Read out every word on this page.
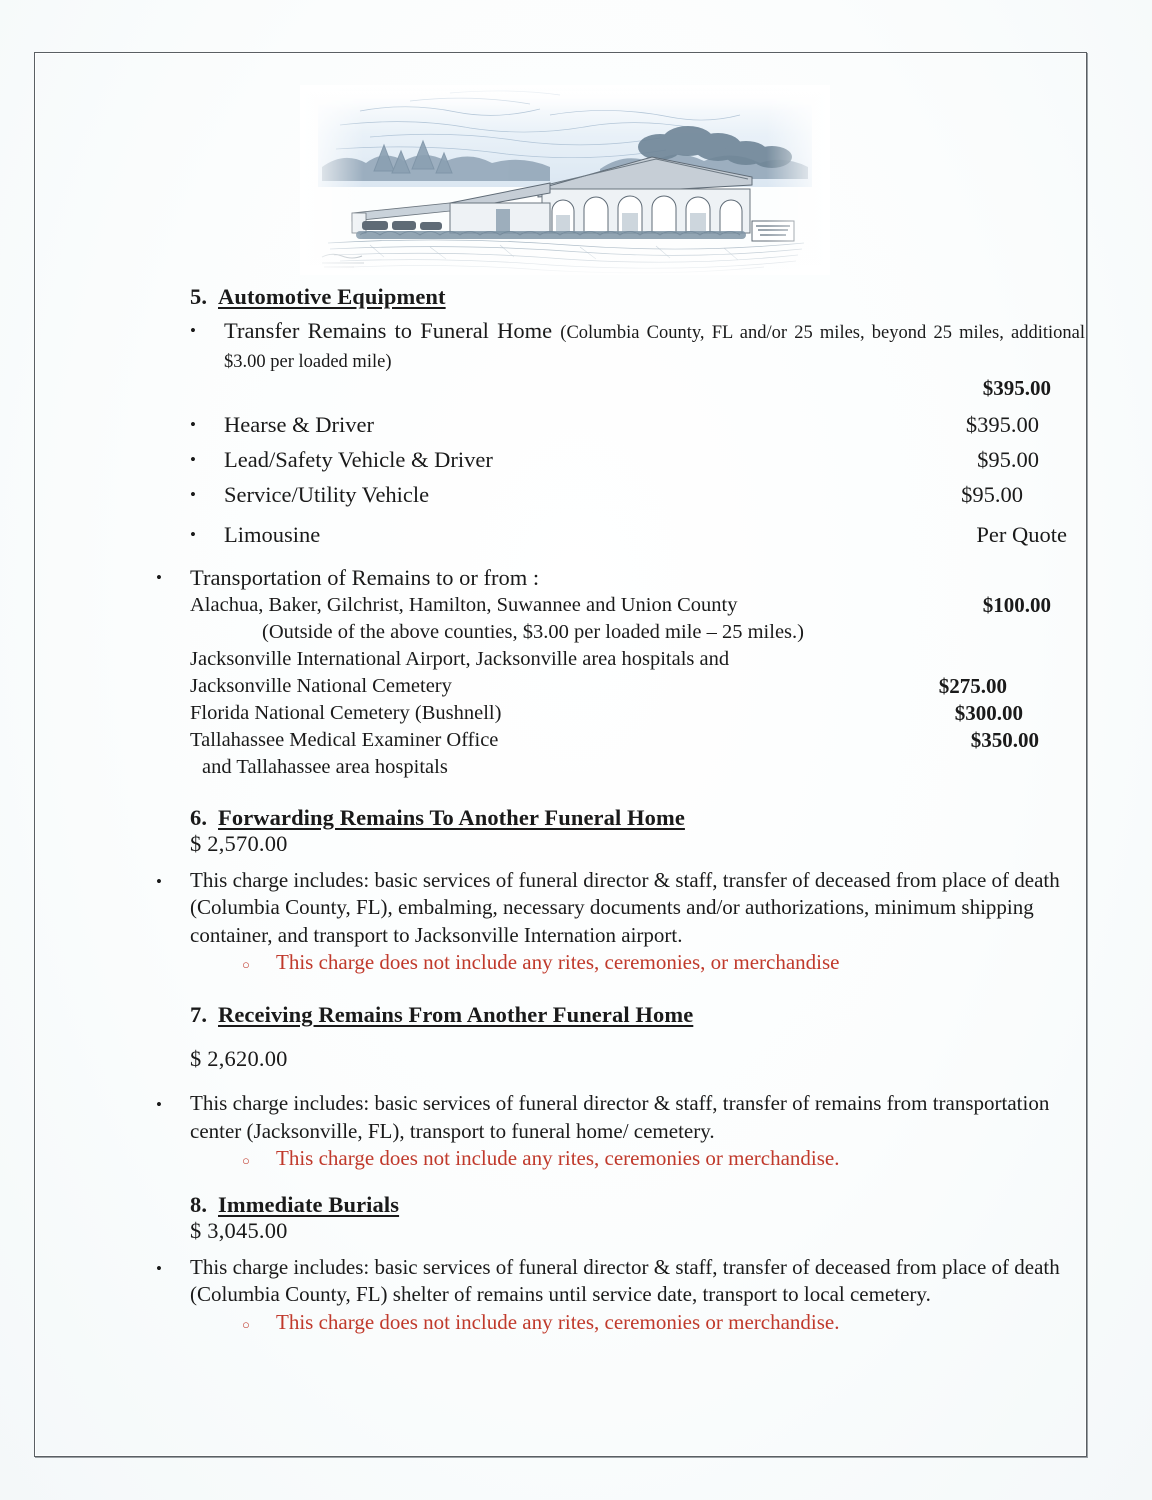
5. Automotive Equipment
•
Transfer Remains to Funeral Home (Columbia County, FL and/or 25 miles, beyond 25 miles, additional $3.00 per loaded mile)

$395.00
•
Hearse & Driver	$395.00
•
Lead/Safety Vehicle & Driver	$95.00
•
Service/Utility Vehicle	$95.00
•
Limousine	Per Quote
•
Transportation of Remains to or from :
Alachua, Baker, Gilchrist, Hamilton, Suwannee and Union County	$100.00
(Outside of the above counties, $3.00 per loaded mile – 25 miles.)
Jacksonville International Airport, Jacksonville area hospitals and
Jacksonville National Cemetery	$275.00
Florida National Cemetery (Bushnell)	$300.00
Tallahassee Medical Examiner Office	$350.00
and Tallahassee area hospitals
6. Forwarding Remains To Another Funeral Home
$ 2,570.00
•
This charge includes: basic services of funeral director & staff, transfer of deceased from place of death (Columbia County, FL), embalming, necessary documents and/or authorizations, minimum shipping container, and transport to Jacksonville Internation airport.
○
This charge does not include any rites, ceremonies, or merchandise
7. Receiving Remains From Another Funeral Home
$ 2,620.00
•
This charge includes: basic services of funeral director & staff, transfer of remains from transportation center (Jacksonville, FL), transport to funeral home/ cemetery.
○
This charge does not include any rites, ceremonies or merchandise.
8. Immediate Burials
$ 3,045.00
•
This charge includes: basic services of funeral director & staff, transfer of deceased from place of death (Columbia County, FL) shelter of remains until service date, transport to local cemetery.
○
This charge does not include any rites, ceremonies or merchandise.
